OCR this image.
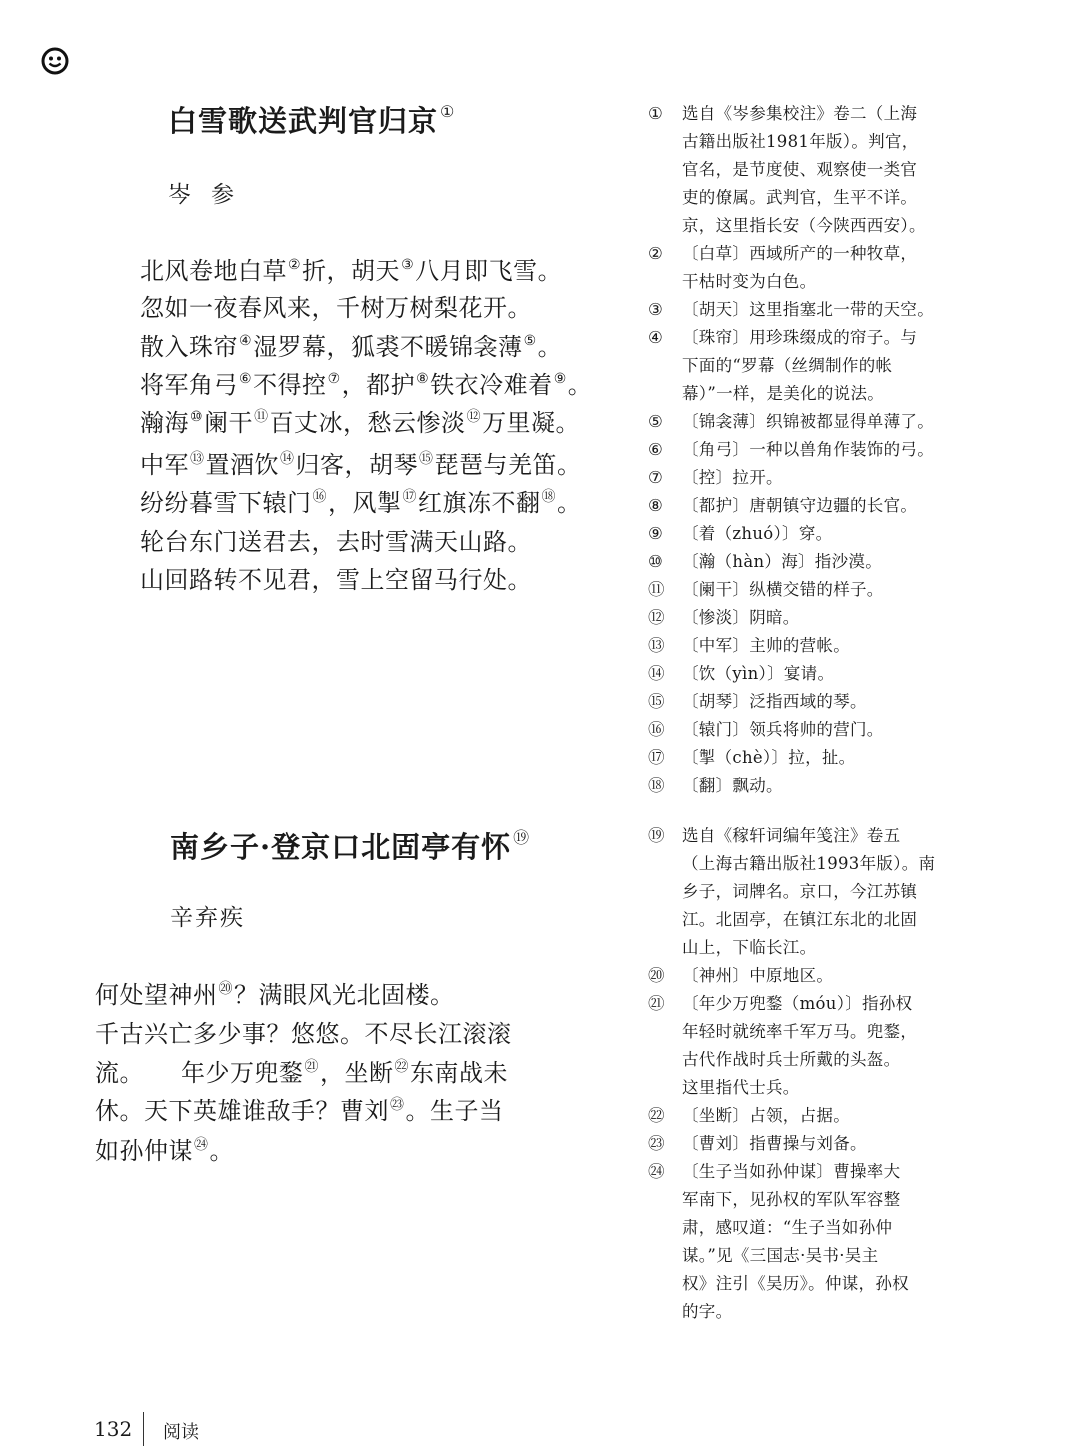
白雪歌送武判官归京 ①
岑参
北风卷地白草②折，胡天③八月即飞雪。
忽如一夜春风来，千树万树梨花开。
散入珠帘④湿罗幕，狐裘不暖锦衾薄⑤。
将军角弓⑥不得控⑦，都护⑧铁衣冷难着⑨。
瀚海⑩阑干⑪百丈冰，愁云惨淡⑫万里凝。
中军⑬置酒饮⑭归客，胡琴⑮琵琶与羌笛。
纷纷暮雪下辕门⑯，风掣⑰红旗冻不翻⑱。
轮台东门送君去，去时雪满天山路。
山回路转不见君，雪上空留马行处。
南乡子·登京口北固亭有怀 ⑲
辛弃疾
何处望神州⑳？满眼风光北固楼。
千古兴亡多少事？悠悠。不尽长江滚滚
流。　　年少万兜鍪$^㉑$，坐断$^㉒$东南战未
休。天下英雄谁敌手？曹刘$^㉓$。生子当
如孙仲谋$^㉔$。
①	选自《岑参集校注》卷二（上海
古籍出版社1981年版）。判官，
官名，是节度使、观察使一类官
吏的僚属。武判官，生平不详。
京，这里指长安（今陕西西安）。
②	〔白草〕西域所产的一种牧草，
干枯时变为白色。
③	〔胡天〕这里指塞北一带的天空。
④	〔珠帘〕用珍珠缀成的帘子。与
下面的“罗幕（丝绸制作的帐
幕）”一样，是美化的说法。
⑤	〔锦衾薄〕织锦被都显得单薄了。
⑥	〔角弓〕一种以兽角作装饰的弓。
⑦	〔控〕拉开。
⑧	〔都护〕唐朝镇守边疆的长官。
⑨	〔着（zhuó）〕穿。
⑩	〔瀚（hàn）海〕指沙漠。
⑪	〔阑干〕纵横交错的样子。
⑫	〔惨淡〕阴暗。
⑬	〔中军〕主帅的营帐。
⑭	〔饮（yìn）〕宴请。
⑮	〔胡琴〕泛指西域的琴。
⑯	〔辕门〕领兵将帅的营门。
⑰	〔掣（chè）〕拉，扯。
⑱	〔翻〕飘动。
⑲	选自《稼轩词编年笺注》卷五
（上海古籍出版社1993年版）。南
乡子，词牌名。京口，今江苏镇
江。北固亭，在镇江东北的北固
山上，下临长江。
⑳	〔神州〕中原地区。
㉑	〔年少万兜鍪（móu）〕指孙权
年轻时就统率千军万马。兜鍪，
古代作战时兵士所戴的头盔。
这里指代士兵。
㉒	〔坐断〕占领，占据。
㉓	〔曹刘〕指曹操与刘备。
㉔	〔生子当如孙仲谋〕曹操率大
军南下，见孙权的军队军容整
肃，感叹道：“生子当如孙仲
谋。”见《三国志·吴书·吴主
权》注引《吴历》。仲谋，孙权
的字。
132 阅读
